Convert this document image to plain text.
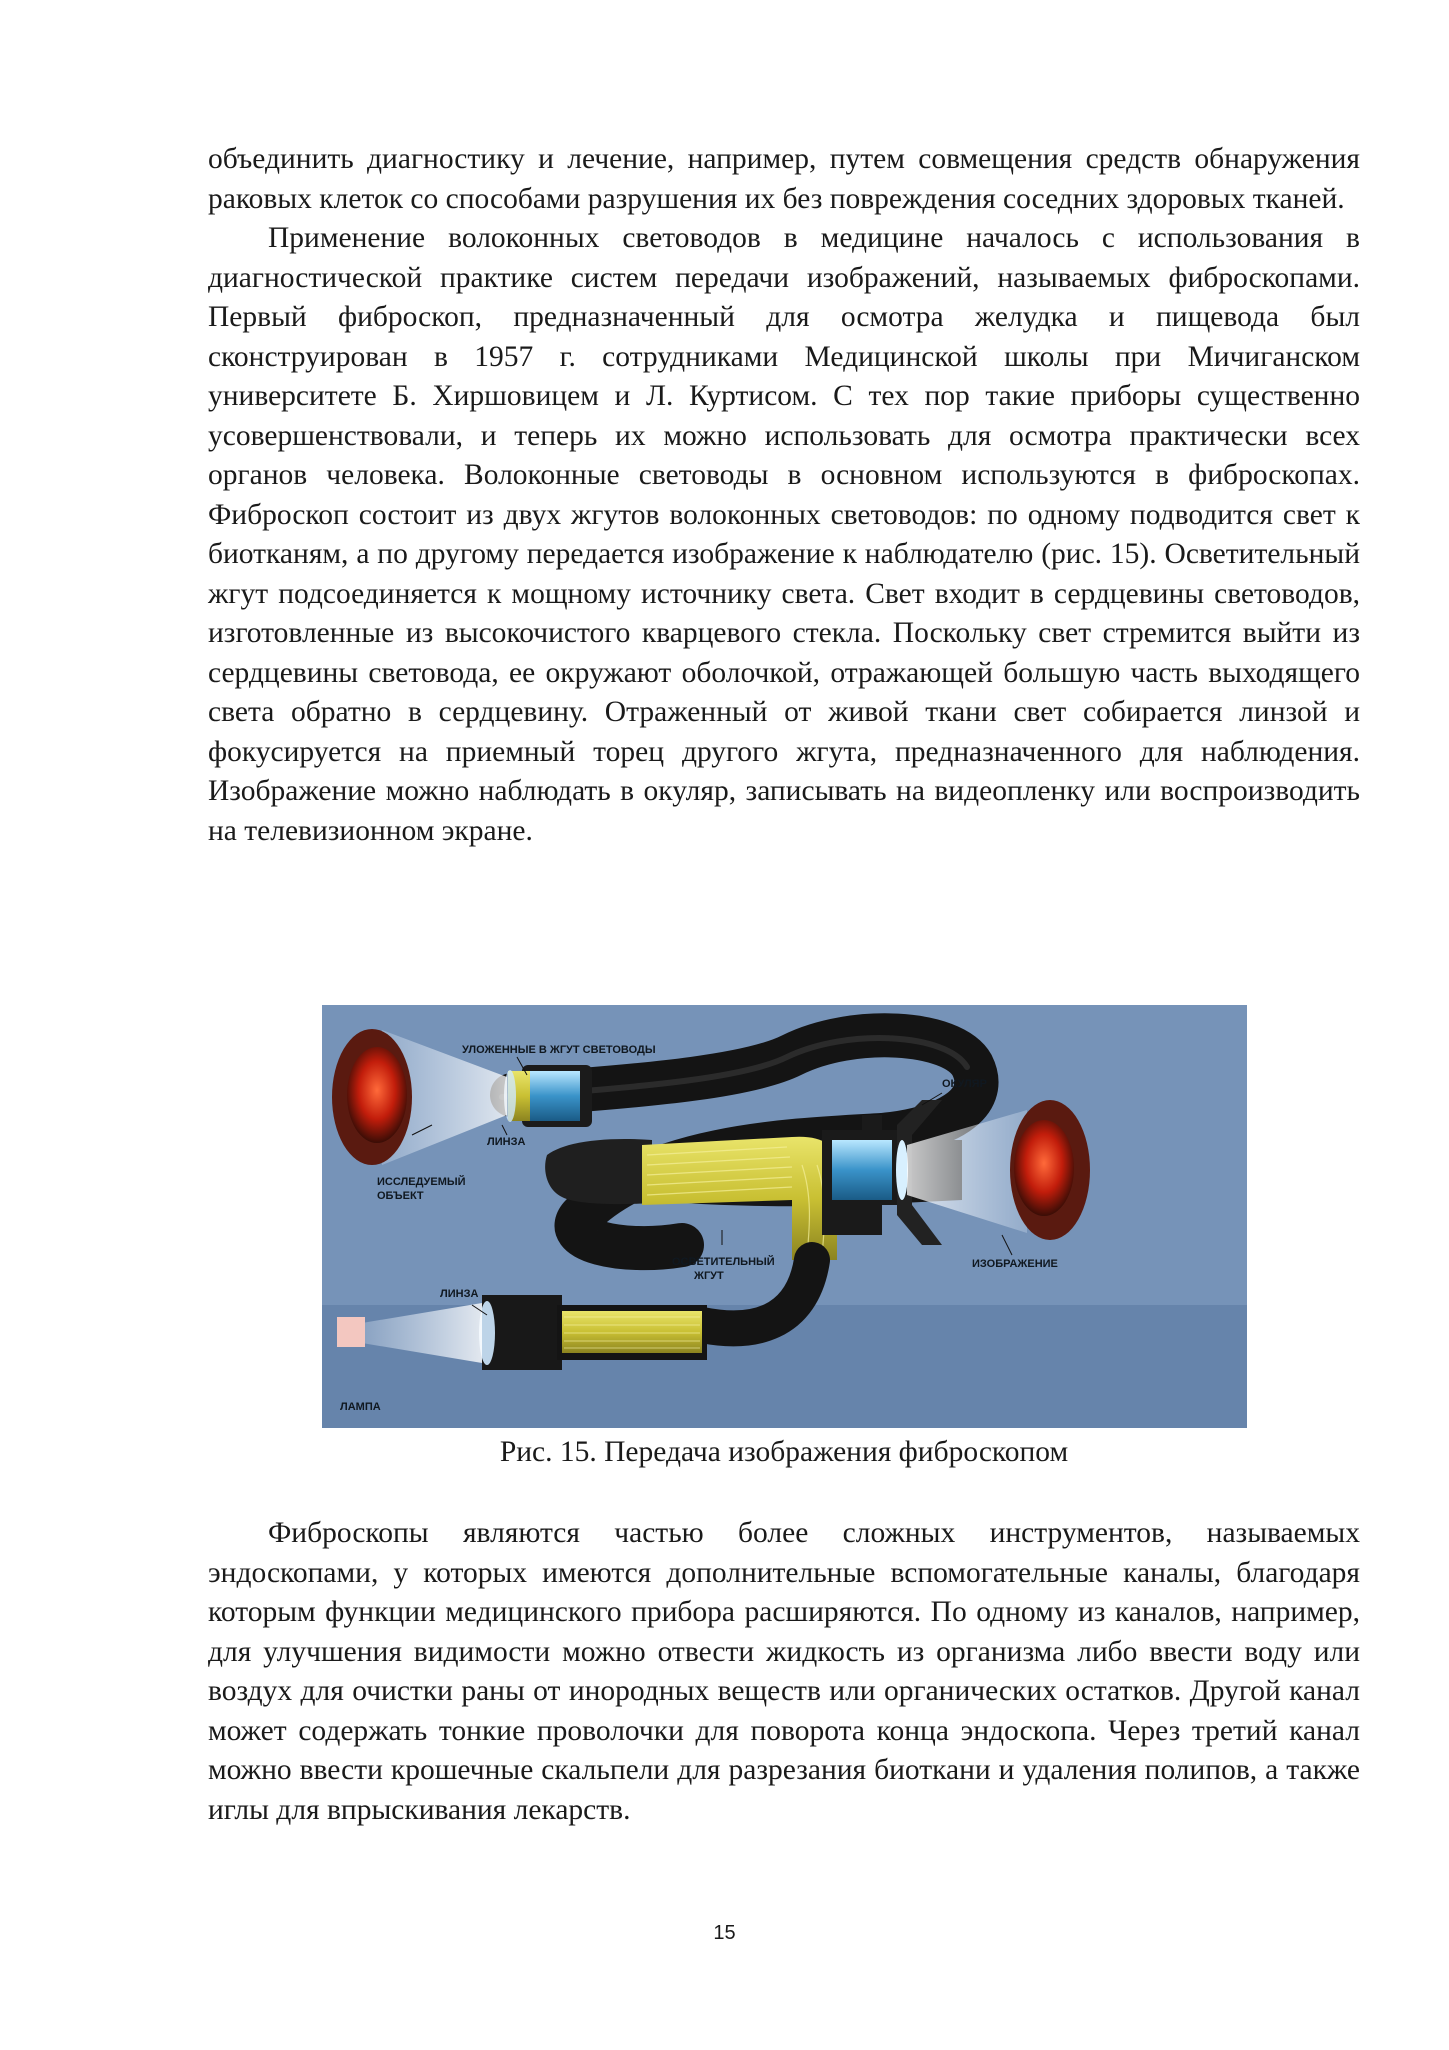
объединить диагностику и лечение, например, путем совмещения средств обнаружения раковых клеток со способами разрушения их без повреждения соседних здоровых тканей.

Применение волоконных световодов в медицине началось с использования в диагностической практике систем передачи изображений, называемых фиброскопами. Первый фиброскоп, предназначенный для осмотра желудка и пищевода был сконструирован в 1957 г. сотрудниками Медицинской школы при Мичиганском университете Б. Хиршовицем и Л. Куртисом. С тех пор такие приборы существенно усовершенствовали, и теперь их можно использовать для осмотра практически всех органов человека. Волоконные световоды в основном используются в фиброскопах. Фиброскоп состоит из двух жгутов волоконных световодов: по одному подводится свет к биотканям, а по другому передается изображение к наблюдателю (рис. 15). Осветительный жгут подсоединяется к мощному источнику света. Свет входит в сердцевины световодов, изготовленные из высокочистого кварцевого стекла. Поскольку свет стремится выйти из сердцевины световода, ее окружают оболочкой, отражающей большую часть выходящего света обратно в сердцевину. Отраженный от живой ткани свет собирается линзой и фокусируется на приемный торец другого жгута, предназначенного для наблюдения. Изображение можно наблюдать в окуляр, записывать на видеопленку или воспроизводить на телевизионном экране.

УЛОЖЕННЫЕ В ЖГУТ СВЕТОВОДЫ
ЛИНЗА
ИССЛЕДУЕМЫЙ
ОБЪЕКТ
ОКУЛЯР
ОСВЕТИТЕЛЬНЫЙ
ЖГУТ
ЛИНЗА
ИЗОБРАЖЕНИЕ
ЛАМПА

Рис. 15. Передача изображения фиброскопом

Фиброскопы являются частью более сложных инструментов, называемых эндоскопами, у которых имеются дополнительные вспомогательные каналы, благодаря которым функции медицинского прибора расширяются. По одному из каналов, например, для улучшения видимости можно отвести жидкость из организма либо ввести воду или воздух для очистки раны от инородных веществ или органических остатков. Другой канал может содержать тонкие проволочки для поворота конца эндоскопа. Через третий канал можно ввести крошечные скальпели для разрезания биоткани и удаления полипов, а также иглы для впрыскивания лекарств.

15
